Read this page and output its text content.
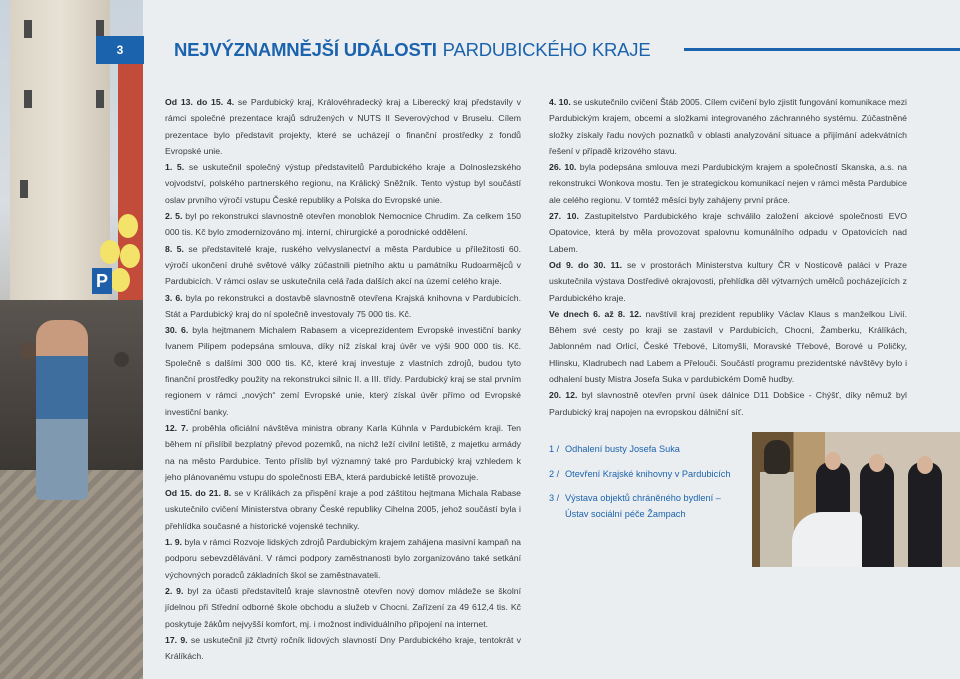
P
3	NEJVÝZNAMNĚJŠÍ UDÁLOSTI PARDUBICKÉHO KRAJE

Od 13. do 15. 4. se Pardubický kraj, Královéhradecký kraj a Liberecký kraj představily v rámci společné prezentace krajů sdružených v NUTS II Severovýchod v Bruselu. Cílem prezentace bylo představit projekty, které se ucházejí o finanční prostředky z fondů Evropské unie.

1. 5. se uskutečnil společný výstup představitelů Pardubického kraje a Dolnoslezského vojvodství, polského partnerského regionu, na Králický Sněžník. Tento výstup byl součástí oslav prvního výročí vstupu České republiky a Polska do Evropské unie.

2. 5. byl po rekonstrukci slavnostně otevřen monoblok Nemocnice Chrudim. Za celkem 150 000 tis. Kč bylo zmodernizováno mj. interní, chirurgické a porodnické oddělení.

8. 5. se představitelé kraje, ruského velvyslanectví a města Pardubice u příležitosti 60. výročí ukončení druhé světové války zúčastnili pietního aktu u památníku Rudoarmějců v Pardubicích. V rámci oslav se uskutečnila celá řada dalších akcí na území celého kraje.

3. 6. byla po rekonstrukci a dostavbě slavnostně otevřena Krajská knihovna v Pardubicích. Stát a Pardubický kraj do ní společně investovaly 75 000 tis. Kč.

30. 6. byla hejtmanem Michalem Rabasem a viceprezidentem Evropské investiční banky Ivanem Pilipem podepsána smlouva, díky níž získal kraj úvěr ve výši 900 000 tis. Kč. Společně s dalšími 300 000 tis. Kč, které kraj investuje z vlastních zdrojů, budou tyto finanční prostředky použity na rekonstrukci silnic II. a III. třídy. Pardubický kraj se stal prvním regionem v rámci „nových“ zemí Evropské unie, který získal úvěr přímo od Evropské investiční banky.

12. 7. proběhla oficiální návštěva ministra obrany Karla Kühnla v Pardubickém kraji. Ten během ní přislíbil bezplatný převod pozemků, na nichž leží civilní letiště, z majetku armády na na město Pardubice. Tento příslib byl významný také pro Pardubický kraj vzhledem k jeho plánovanému vstupu do společnosti EBA, která pardubické letiště provozuje.

Od 15. do 21. 8. se v Králíkách za přispění kraje a pod záštitou hejtmana Michala Rabase uskutečnilo cvičení Ministerstva obrany České republiky Cihelna 2005, jehož součástí byla i přehlídka současné a historické vojenské techniky.

1. 9. byla v rámci Rozvoje lidských zdrojů Pardubickým krajem zahájena masivní kampaň na podporu sebevzdělávání. V rámci podpory zaměstnanosti bylo zorganizováno také setkání výchovných poradců základních škol se zaměstnavateli.

2. 9. byl za účasti představitelů kraje slavnostně otevřen nový domov mládeže se školní jídelnou při Střední odborné škole obchodu a služeb v Chocni. Zařízení za 49 612,4 tis. Kč poskytuje žákům nejvyšší komfort, mj. i možnost individuálního připojení na internet.

17. 9. se uskutečnil již čtvrtý ročník lidových slavností Dny Pardubického kraje, tentokrát v Králíkách.

4. 10. se uskutečnilo cvičení Štáb 2005. Cílem cvičení bylo zjistit fungování komunikace mezi Pardubickým krajem, obcemi a složkami integrovaného záchranného systému. Zúčastněné složky získaly řadu nových poznatků v oblasti analyzování situace a přijímání adekvátních řešení v případě krizového stavu.

26. 10. byla podepsána smlouva mezi Pardubickým krajem a společností Skanska, a.s. na rekonstrukci Wonkova mostu. Ten je strategickou komunikací nejen v rámci města Pardubice ale celého regionu. V tomtéž měsíci byly zahájeny první práce.

27. 10. Zastupitelstvo Pardubického kraje schválilo založení akciové společnosti EVO Opatovice, která by měla provozovat spalovnu komunálního odpadu v Opatovicích nad Labem.

Od 9. do 30. 11. se v prostorách Ministerstva kultury ČR v Nosticově paláci v Praze uskutečnila výstava Dostředivé okrajovosti, přehlídka děl výtvarných umělců pocházejících z Pardubického kraje.

Ve dnech 6. až 8. 12. navštívil kraj prezident republiky Václav Klaus s manželkou Livií. Během své cesty po kraji se zastavil v Pardubicích, Chocni, Žamberku, Králíkách, Jablonném nad Orlicí, České Třebové, Litomyšli, Moravské Třebové, Borové u Poličky, Hlinsku, Kladrubech nad Labem a Přelouči. Součástí programu prezidentské návštěvy bylo i odhalení busty Mistra Josefa Suka v pardubickém Domě hudby.

20. 12. byl slavnostně otevřen první úsek dálnice D11 Dobšice - Chýšť, díky němuž byl Pardubický kraj napojen na evropskou dálniční síť.

1 / Odhalení busty Josefa Suka
2 / Otevření Krajské knihovny v Pardubicích
3 / Výstava objektů chráněného bydlení – Ústav sociální péče Žampach
